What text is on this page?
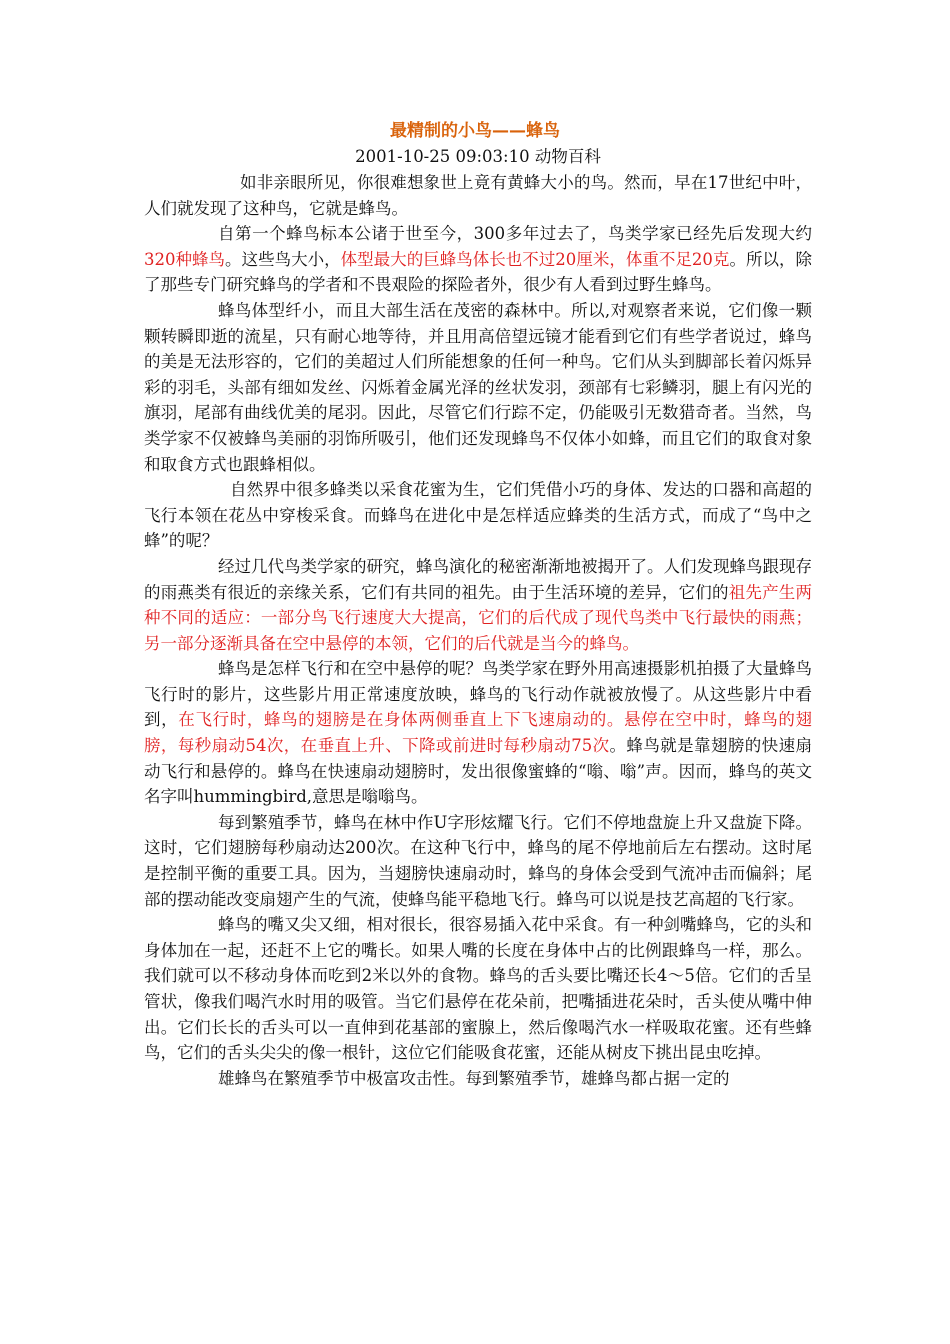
最精制的小鸟——蜂鸟
2001-10-25 09:03:10 动物百科

如非亲眼所见，你很难想象世上竟有黄蜂大小的鸟。然而，早在17世纪中叶，人们就发现了这种鸟，它就是蜂鸟。

自第一个蜂鸟标本公诸于世至今，300多年过去了，鸟类学家已经先后发现大约320种蜂鸟。这些鸟大小，体型最大的巨蜂鸟体长也不过20厘米，体重不足20克。所以，除了那些专门研究蜂鸟的学者和不畏艰险的探险者外，很少有人看到过野生蜂鸟。

蜂鸟体型纤小，而且大部生活在茂密的森林中。所以,对观察者来说，它们像一颗颗转瞬即逝的流星，只有耐心地等待，并且用高倍望远镜才能看到它们有些学者说过，蜂鸟的美是无法形容的，它们的美超过人们所能想象的任何一种鸟。它们从头到脚部长着闪烁异彩的羽毛，头部有细如发丝、闪烁着金属光泽的丝状发羽，颈部有七彩鳞羽，腿上有闪光的旗羽，尾部有曲线优美的尾羽。因此，尽管它们行踪不定，仍能吸引无数猎奇者。当然，鸟类学家不仅被蜂鸟美丽的羽饰所吸引，他们还发现蜂鸟不仅体小如蜂，而且它们的取食对象和取食方式也跟蜂相似。

自然界中很多蜂类以采食花蜜为生，它们凭借小巧的身体、发达的口器和高超的飞行本领在花丛中穿梭采食。而蜂鸟在进化中是怎样适应蜂类的生活方式，而成了“鸟中之蜂”的呢？

经过几代鸟类学家的研究，蜂鸟演化的秘密渐渐地被揭开了。人们发现蜂鸟跟现存的雨燕类有很近的亲缘关系，它们有共同的祖先。由于生活环境的差异，它们的祖先产生两种不同的适应：一部分鸟飞行速度大大提高，它们的后代成了现代鸟类中飞行最快的雨燕；另一部分逐渐具备在空中悬停的本领，它们的后代就是当今的蜂鸟。

蜂鸟是怎样飞行和在空中悬停的呢？鸟类学家在野外用高速摄影机拍摄了大量蜂鸟飞行时的影片，这些影片用正常速度放映，蜂鸟的飞行动作就被放慢了。从这些影片中看到，在飞行时，蜂鸟的翅膀是在身体两侧垂直上下飞速扇动的。悬停在空中时，蜂鸟的翅膀，每秒扇动54次，在垂直上升、下降或前进时每秒扇动75次。蜂鸟就是靠翅膀的快速扇动飞行和悬停的。蜂鸟在快速扇动翅膀时，发出很像蜜蜂的“嗡、嗡”声。因而，蜂鸟的英文名字叫hummingbird,意思是嗡嗡鸟。

每到繁殖季节，蜂鸟在林中作U字形炫耀飞行。它们不停地盘旋上升又盘旋下降。这时，它们翅膀每秒扇动达200次。在这种飞行中，蜂鸟的尾不停地前后左右摆动。这时尾是控制平衡的重要工具。因为，当翅膀快速扇动时，蜂鸟的身体会受到气流冲击而偏斜；尾部的摆动能改变扇翅产生的气流，使蜂鸟能平稳地飞行。蜂鸟可以说是技艺高超的飞行家。

蜂鸟的嘴又尖又细，相对很长，很容易插入花中采食。有一种剑嘴蜂鸟，它的头和身体加在一起，还赶不上它的嘴长。如果人嘴的长度在身体中占的比例跟蜂鸟一样，那么。我们就可以不移动身体而吃到2米以外的食物。蜂鸟的舌头要比嘴还长4～5倍。它们的舌呈管状，像我们喝汽水时用的吸管。当它们悬停在花朵前，把嘴插进花朵时，舌头使从嘴中伸出。它们长长的舌头可以一直伸到花基部的蜜腺上，然后像喝汽水一样吸取花蜜。还有些蜂鸟，它们的舌头尖尖的像一根针，这位它们能吸食花蜜，还能从树皮下挑出昆虫吃掉。

雄蜂鸟在繁殖季节中极富攻击性。每到繁殖季节，雄蜂鸟都占据一定的
